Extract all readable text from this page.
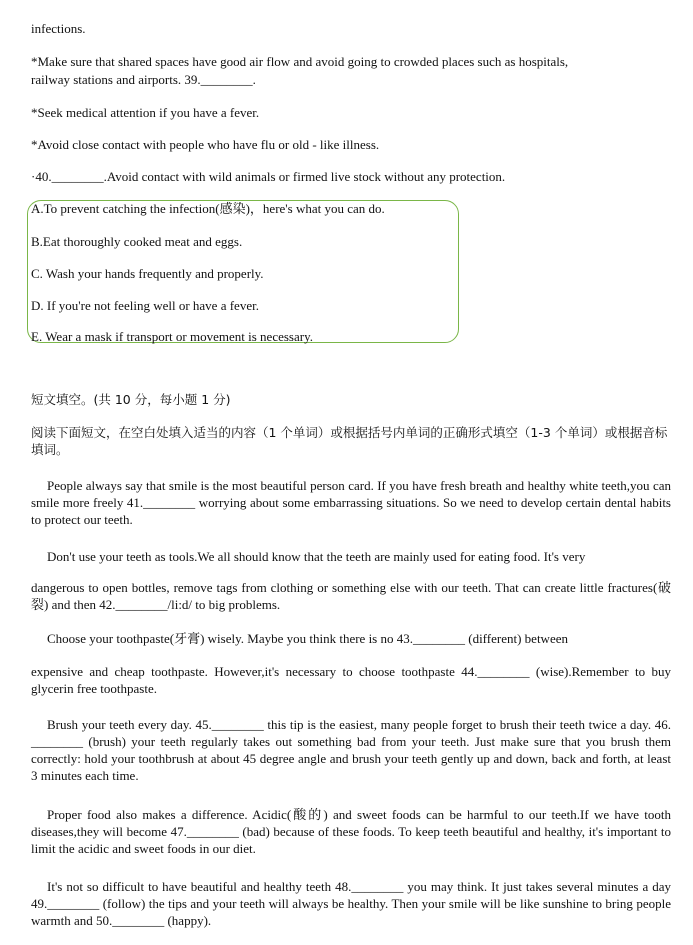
infections.
*Make sure that shared spaces have good air flow and avoid going to crowded places such as hospitals,
railway stations and airports. 39.________.
*Seek medical attention if you have a fever.
*Avoid close contact with people who have flu or old - like illness.
·40.________.Avoid contact with wild animals or firmed live stock without any protection.
A.To prevent catching the infection(感染)，here's what you can do.
B.Eat thoroughly cooked meat and eggs.
C. Wash your hands frequently and properly.
D. If you're not feeling well or have a fever.
E. Wear a mask if transport or movement is necessary.
短文填空。(共 10 分，每小题 1 分)
阅读下面短文，在空白处填入适当的内容（1 个单词）或根据括号内单词的正确形式填空（1-3 个单词）或根据音标填词。
People always say that smile is the most beautiful person card. If you have fresh breath and healthy white teeth,you can smile more freely 41.________ worrying about some embarrassing situations. So we need to develop certain dental habits to protect our teeth.
Don't use your teeth as tools.We all should know that the teeth are mainly used for eating food. It's very
dangerous to open bottles, remove tags from clothing or something else with our teeth. That can create little fractures(破裂) and then 42.________/li:d/ to big problems.
Choose your toothpaste(牙膏) wisely. Maybe you think there is no 43.________ (different) between
expensive and cheap toothpaste. However,it's necessary to choose toothpaste 44.________ (wise).Remember to buy glycerin free toothpaste.
Brush your teeth every day. 45.________ this tip is the easiest, many people forget to brush their teeth twice a day. 46. ________ (brush) your teeth regularly takes out something bad from your teeth. Just make sure that you brush them correctly: hold your toothbrush at about 45 degree angle and brush your teeth gently up and down, back and forth, at least 3 minutes each time.
Proper food also makes a difference. Acidic(酸的) and sweet foods can be harmful to our teeth.If we have tooth diseases,they will become 47.________ (bad) because of these foods. To keep teeth beautiful and healthy, it's important to limit the acidic and sweet foods in our diet.
It's not so difficult to have beautiful and healthy teeth 48.________ you may think. It just takes several minutes a day 49.________ (follow) the tips and your teeth will always be healthy. Then your smile will be like sunshine to bring people warmth and 50.________ (happy).
